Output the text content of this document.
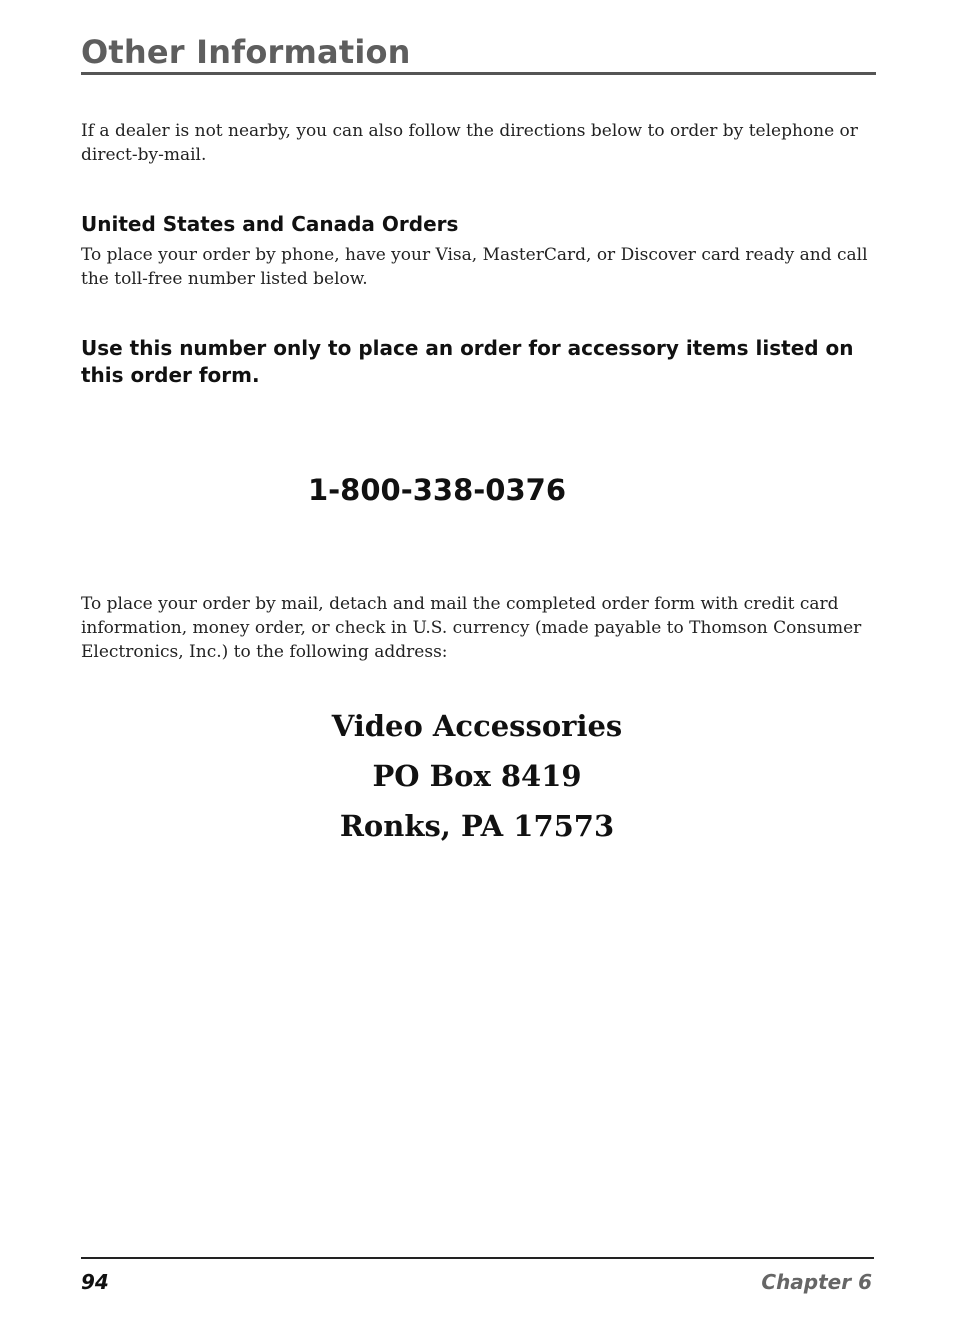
Other Information

If a dealer is not nearby, you can also follow the directions below to order by telephone or direct-by-mail.

United States and Canada Orders

To place your order by phone, have your Visa, MasterCard, or Discover card ready and call the toll-free number listed below.

Use this number only to place an order for accessory items listed on this order form.

1-800-338-0376

To place your order by mail, detach and mail the completed order form with credit card information, money order, or check in U.S. currency (made payable to Thomson Consumer Electronics, Inc.) to the following address:

Video Accessories

PO Box 8419

Ronks, PA 17573

94	Chapter 6
